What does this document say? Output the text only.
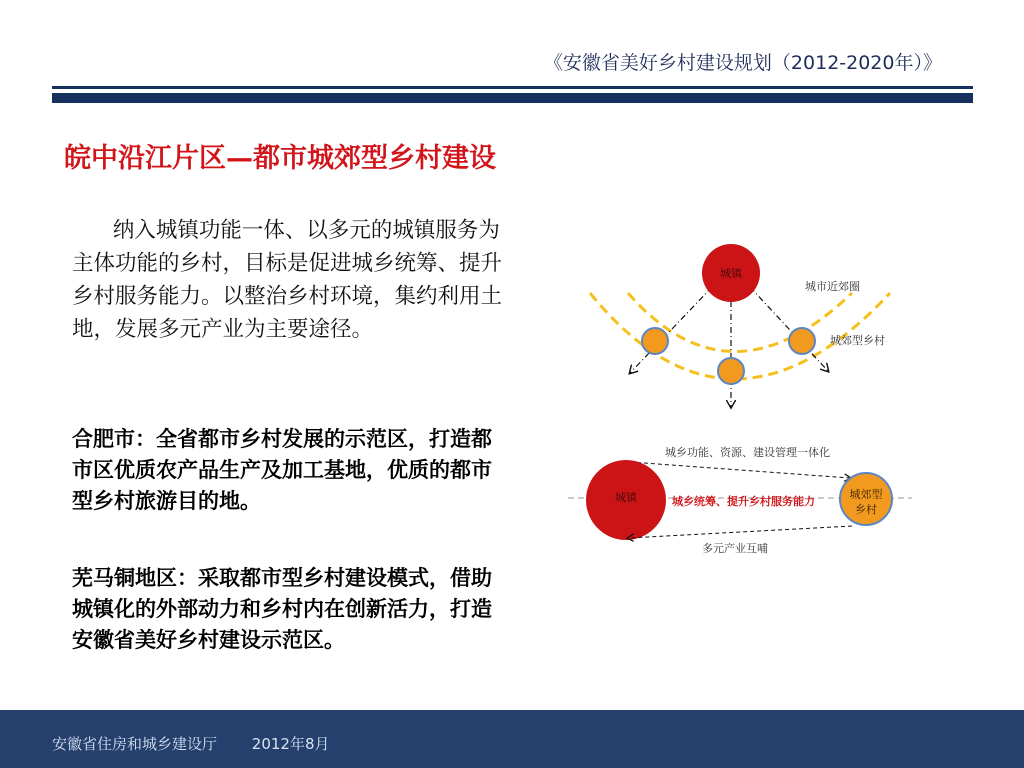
《安徽省美好乡村建设规划（2012-2020年）》
皖中沿江片区—都市城郊型乡村建设

纳入城镇功能一体、以多元的城镇服务为主体功能的乡村，目标是促进城乡统筹、提升乡村服务能力。以整治乡村环境，集约利用土地，发展多元产业为主要途径。

合肥市：全省都市乡村发展的示范区，打造都市区优质农产品生产及加工基地，优质的都市型乡村旅游目的地。
芜马铜地区：采取都市型乡村建设模式，借助城镇化的外部动力和乡村内在创新活力，打造安徽省美好乡村建设示范区。
城镇
城市近郊圈
城郊型乡村
城乡功能、资源、建设管理一体化
城镇	城乡统筹、提升乡村服务能力
城郊型
乡村
多元产业互哺
安徽省住房和城乡建设厅 2012年8月
